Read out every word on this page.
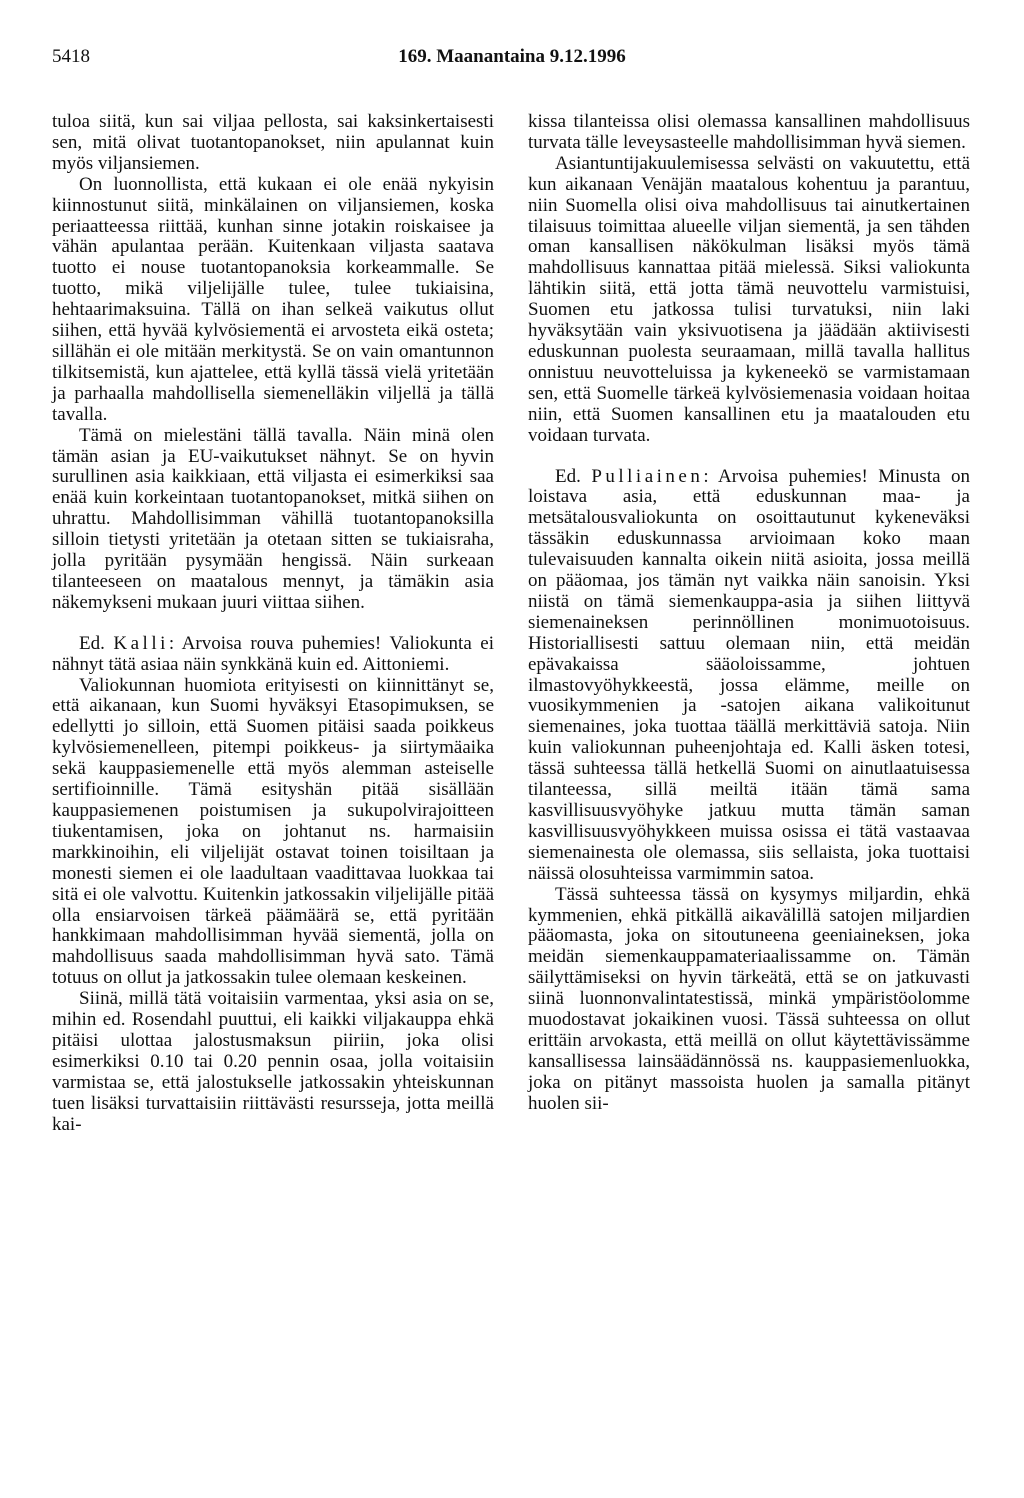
5418	169. Maanantaina 9.12.1996

tuloa siitä, kun sai viljaa pellosta, sai kaksinkertaisesti sen, mitä olivat tuotantopanokset, niin apulannat kuin myös viljansiemen.

On luonnollista, että kukaan ei ole enää nykyisin kiinnostunut siitä, minkälainen on viljansiemen, koska periaatteessa riittää, kunhan sinne jotakin roiskaisee ja vähän apulantaa perään. Kuitenkaan viljasta saatava tuotto ei nouse tuotantopanoksia korkeammalle. Se tuotto, mikä viljelijälle tulee, tulee tukiaisina, hehtaarimaksuina. Tällä on ihan selkeä vaikutus ollut siihen, että hyvää kylvösiementä ei arvosteta eikä osteta; sillähän ei ole mitään merkitystä. Se on vain omantunnon tilkitsemistä, kun ajattelee, että kyllä tässä vielä yritetään ja parhaalla mahdollisella siemenelläkin viljellä ja tällä tavalla.

Tämä on mielestäni tällä tavalla. Näin minä olen tämän asian ja EU-vaikutukset nähnyt. Se on hyvin surullinen asia kaikkiaan, että viljasta ei esimerkiksi saa enää kuin korkeintaan tuotantopanokset, mitkä siihen on uhrattu. Mahdollisimman vähillä tuotantopanoksilla silloin tietysti yritetään ja otetaan sitten se tukiaisraha, jolla pyritään pysymään hengissä. Näin surkeaan tilanteeseen on maatalous mennyt, ja tämäkin asia näkemykseni mukaan juuri viittaa siihen.

Ed. Kalli: Arvoisa rouva puhemies! Valiokunta ei nähnyt tätä asiaa näin synkkänä kuin ed. Aittoniemi.

Valiokunnan huomiota erityisesti on kiinnittänyt se, että aikanaan, kun Suomi hyväksyi Etasopimuksen, se edellytti jo silloin, että Suomen pitäisi saada poikkeus kylvösiemenelleen, pitempi poikkeus- ja siirtymäaika sekä kauppasiemenelle että myös alemman asteiselle sertifioinnille. Tämä esityshän pitää sisällään kauppasiemenen poistumisen ja sukupolvirajoitteen tiukentamisen, joka on johtanut ns. harmaisiin markkinoihin, eli viljelijät ostavat toinen toisiltaan ja monesti siemen ei ole laadultaan vaadittavaa luokkaa tai sitä ei ole valvottu. Kuitenkin jatkossakin viljelijälle pitää olla ensiarvoisen tärkeä päämäärä se, että pyritään hankkimaan mahdollisimman hyvää siementä, jolla on mahdollisuus saada mahdollisimman hyvä sato. Tämä totuus on ollut ja jatkossakin tulee olemaan keskeinen.

Siinä, millä tätä voitaisiin varmentaa, yksi asia on se, mihin ed. Rosendahl puuttui, eli kaikki viljakauppa ehkä pitäisi ulottaa jalostusmaksun piiriin, joka olisi esimerkiksi 0.10 tai 0.20 pennin osaa, jolla voitaisiin varmistaa se, että jalostukselle jatkossakin yhteiskunnan tuen lisäksi turvattaisiin riittävästi resursseja, jotta meillä kai-

kissa tilanteissa olisi olemassa kansallinen mahdollisuus turvata tälle leveysasteelle mahdollisimman hyvä siemen.

Asiantuntijakuulemisessa selvästi on vakuutettu, että kun aikanaan Venäjän maatalous kohentuu ja parantuu, niin Suomella olisi oiva mahdollisuus tai ainutkertainen tilaisuus toimittaa alueelle viljan siementä, ja sen tähden oman kansallisen näkökulman lisäksi myös tämä mahdollisuus kannattaa pitää mielessä. Siksi valiokunta lähtikin siitä, että jotta tämä neuvottelu varmistuisi, Suomen etu jatkossa tulisi turvatuksi, niin laki hyväksytään vain yksivuotisena ja jäädään aktiivisesti eduskunnan puolesta seuraamaan, millä tavalla hallitus onnistuu neuvotteluissa ja kykeneekö se varmistamaan sen, että Suomelle tärkeä kylvösiemenasia voidaan hoitaa niin, että Suomen kansallinen etu ja maatalouden etu voidaan turvata.

Ed. Pulliainen: Arvoisa puhemies! Minusta on loistava asia, että eduskunnan maa- ja metsätalousvaliokunta on osoittautunut kykeneväksi tässäkin eduskunnassa arvioimaan koko maan tulevaisuuden kannalta oikein niitä asioita, jossa meillä on pääomaa, jos tämän nyt vaikka näin sanoisin. Yksi niistä on tämä siemenkauppa-asia ja siihen liittyvä siemenaineksen perinnöllinen monimuotoisuus. Historiallisesti sattuu olemaan niin, että meidän epävakaissa sääoloissamme, johtuen ilmastovyöhykkeestä, jossa elämme, meille on vuosikymmenien ja -satojen aikana valikoitunut siemenaines, joka tuottaa täällä merkittäviä satoja. Niin kuin valiokunnan puheenjohtaja ed. Kalli äsken totesi, tässä suhteessa tällä hetkellä Suomi on ainutlaatuisessa tilanteessa, sillä meiltä itään tämä sama kasvillisuusvyöhyke jatkuu mutta tämän saman kasvillisuusvyöhykkeen muissa osissa ei tätä vastaavaa siemenainesta ole olemassa, siis sellaista, joka tuottaisi näissä olosuhteissa varmimmin satoa.

Tässä suhteessa tässä on kysymys miljardin, ehkä kymmenien, ehkä pitkällä aikavälillä satojen miljardien pääomasta, joka on sitoutuneena geeniaineksen, joka meidän siemenkauppamateriaalissamme on. Tämän säilyttämiseksi on hyvin tärkeätä, että se on jatkuvasti siinä luonnonvalintatestissä, minkä ympäristöolomme muodostavat jokaikinen vuosi. Tässä suhteessa on ollut erittäin arvokasta, että meillä on ollut käytettävissämme kansallisessa lainsäädännössä ns. kauppasiemenluokka, joka on pitänyt massoista huolen ja samalla pitänyt huolen sii-
